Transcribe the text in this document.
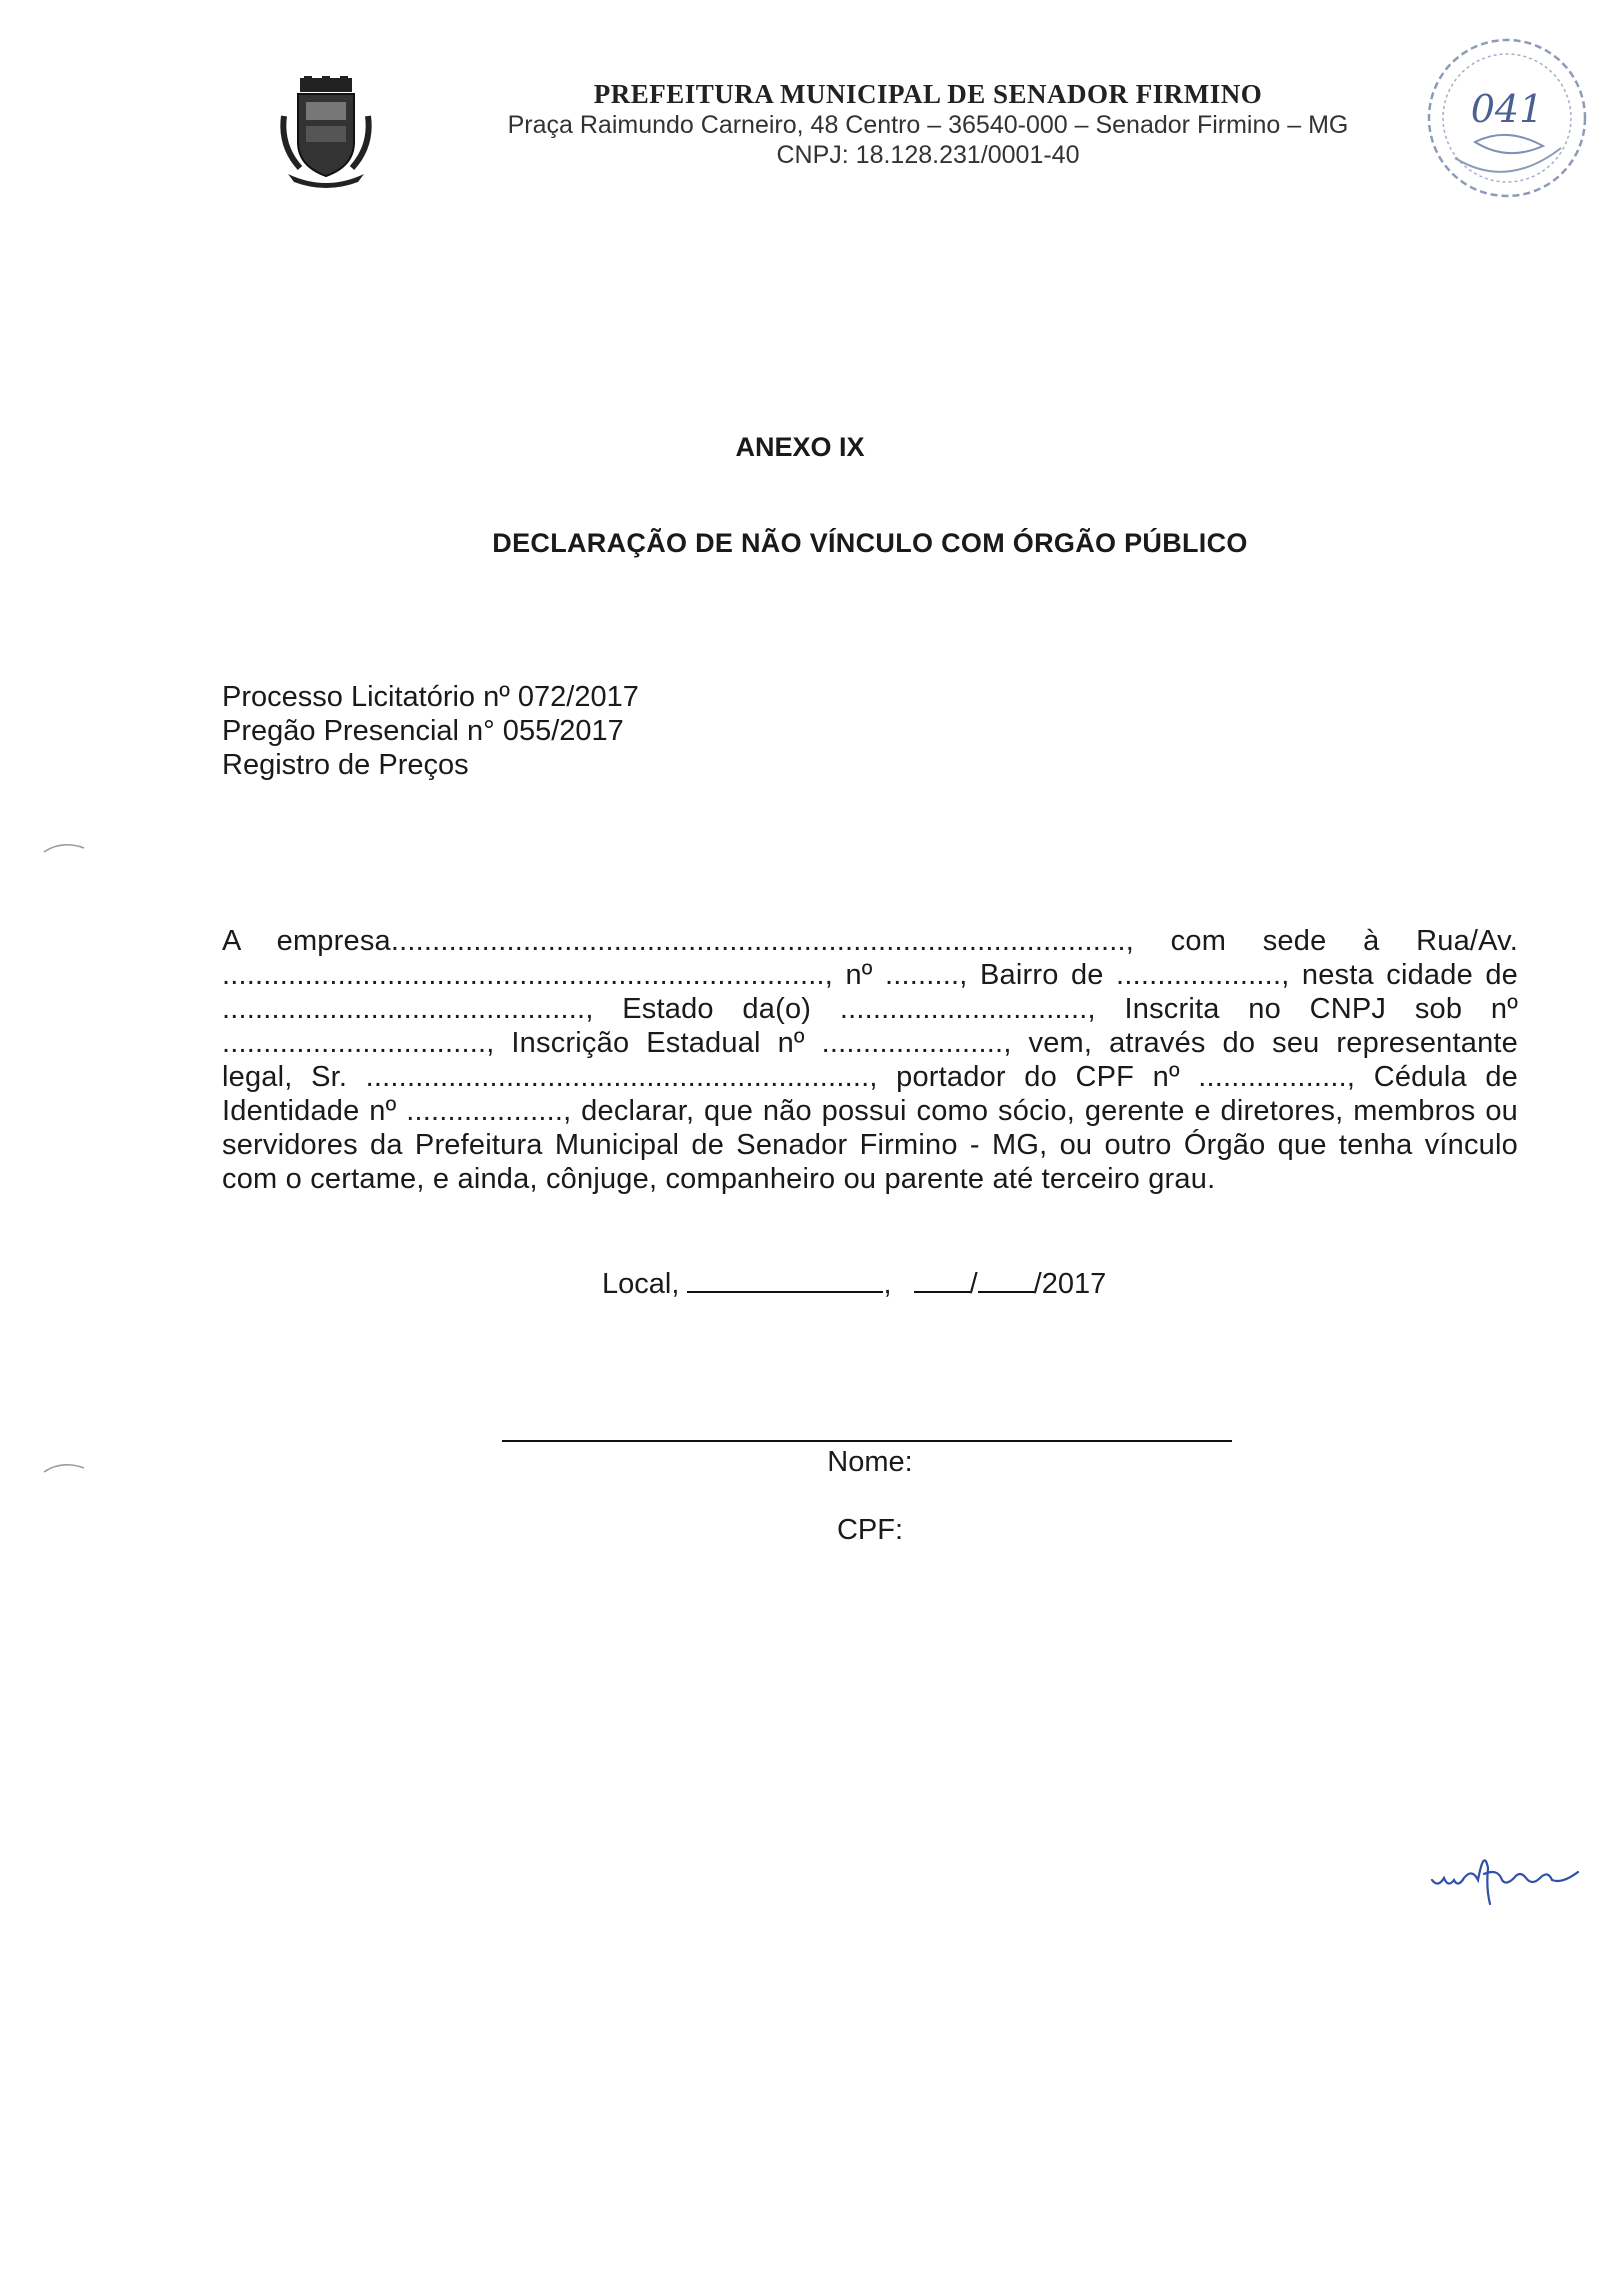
PREFEITURA MUNICIPAL DE SENADOR FIRMINO
Praça Raimundo Carneiro, 48 Centro – 36540-000 – Senador Firmino – MG
CNPJ: 18.128.231/0001-40
041
ANEXO IX
DECLARAÇÃO DE NÃO VÍNCULO COM ÓRGÃO PÚBLICO
Processo Licitatório nº 072/2017
Pregão Presencial n° 055/2017
Registro de Preços
A empresa........................................................................................., com sede à Rua/Av. ........................................................................., nº ........., Bairro de ...................., nesta cidade de ............................................, Estado da(o) .............................., Inscrita no CNPJ sob nº ................................, Inscrição Estadual nº ......................, vem, através do seu representante legal, Sr. ............................................................., portador do CPF nº .................., Cédula de Identidade nº ..................., declarar, que não possui como sócio, gerente e diretores, membros ou servidores da Prefeitura Municipal de Senador Firmino - MG, ou outro Órgão que tenha vínculo com o certame, e ainda, cônjuge, companheiro ou parente até terceiro grau.
Local,	,	/ /2017
Nome:
CPF:
